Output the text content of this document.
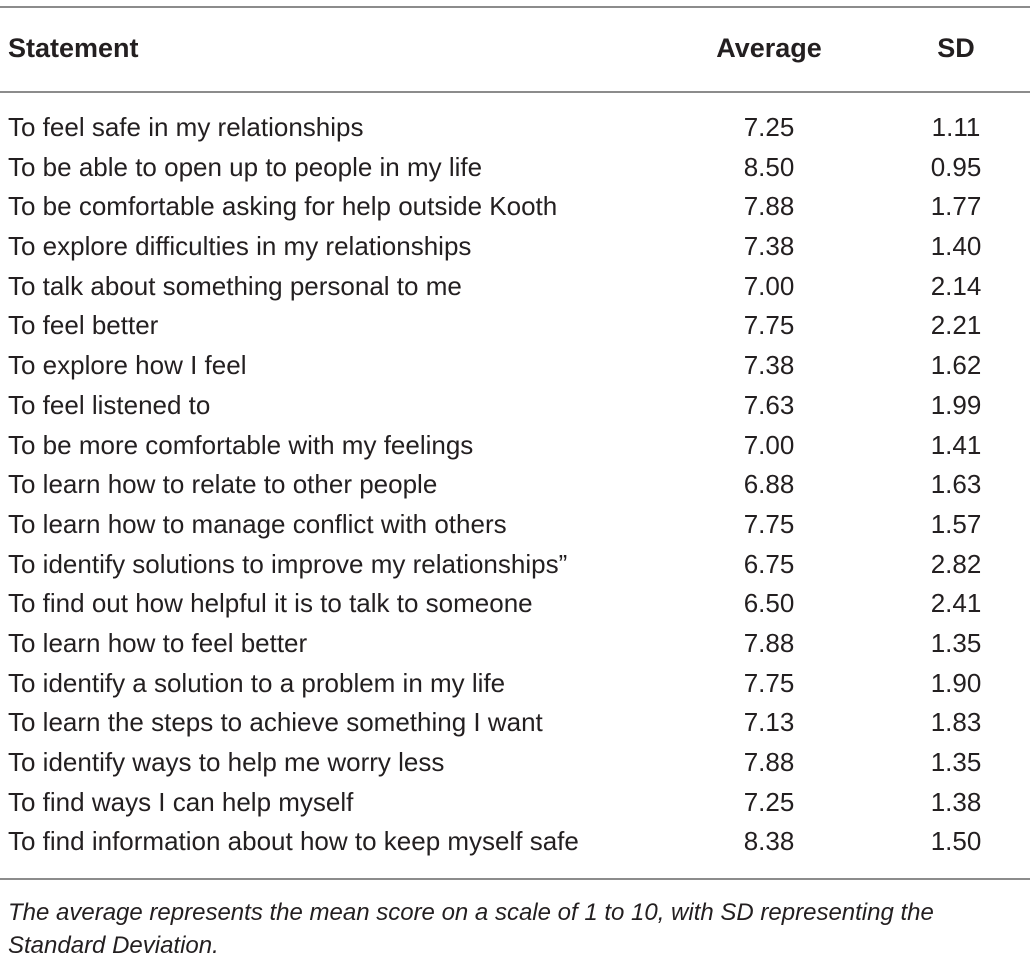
Statement	Average	SD
To feel safe in my relationships	7.25	1.11
To be able to open up to people in my life	8.50	0.95
To be comfortable asking for help outside Kooth	7.88	1.77
To explore difficulties in my relationships	7.38	1.40
To talk about something personal to me	7.00	2.14
To feel better	7.75	2.21
To explore how I feel	7.38	1.62
To feel listened to	7.63	1.99
To be more comfortable with my feelings	7.00	1.41
To learn how to relate to other people	6.88	1.63
To learn how to manage conflict with others	7.75	1.57
To identify solutions to improve my relationships”	6.75	2.82
To find out how helpful it is to talk to someone	6.50	2.41
To learn how to feel better	7.88	1.35
To identify a solution to a problem in my life	7.75	1.90
To learn the steps to achieve something I want	7.13	1.83
To identify ways to help me worry less	7.88	1.35
To find ways I can help myself	7.25	1.38
To find information about how to keep myself safe	8.38	1.50
The average represents the mean score on a scale of 1 to 10, with SD representing the Standard Deviation.
